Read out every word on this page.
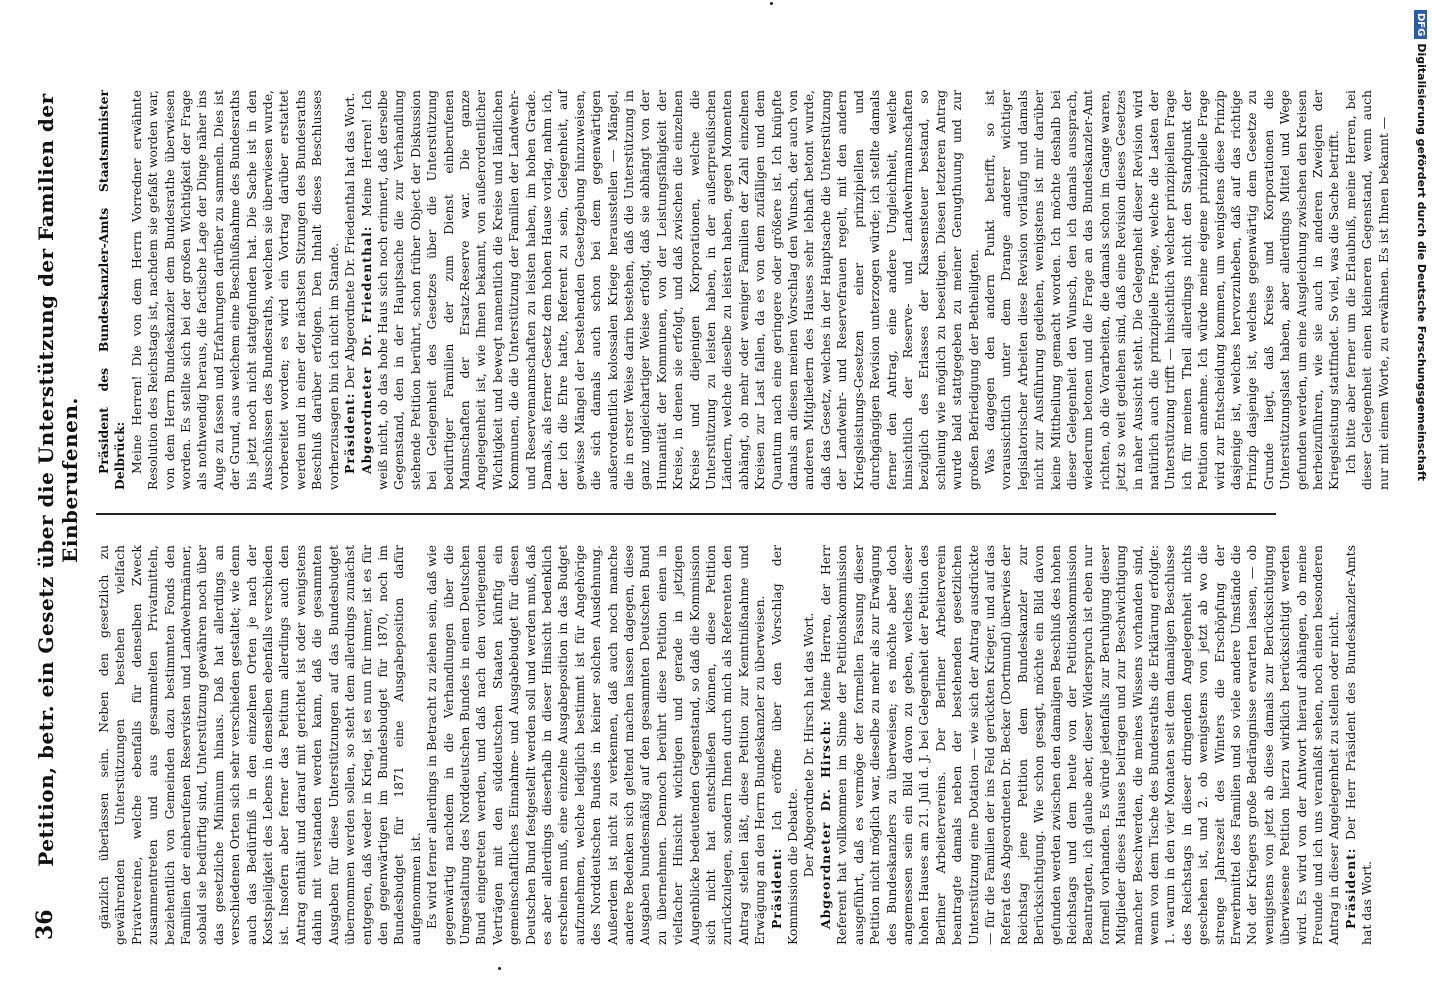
36
Petition, betr. ein Gesetz über die Unterstützung der Familien der Einberufenen.

gänzlich überlassen sein. Neben den gesetzlich zu gewährenden Unterstützungen bestehen vielfach Privatvereine, welche ebenfalls für denselben Zweck zusammentreten und aus gesammelten Privatmitteln, beziehentlich von Gemeinden dazu bestimmten Fonds den Familien der einberufenen Reservisten und Landwehrmänner, sobald sie bedürftig sind, Unterstützung gewähren noch über das gesetzliche Minimum hinaus. Daß hat allerdings an verschiedenen Orten sich sehr verschieden gestaltet; wie denn auch das Bedürfniß in den einzelnen Orten je nach der Kostspieligkeit des Lebens in denselben ebenfalls verschieden ist. Insofern aber ferner das Petitum allerdings auch den Antrag enthält und darauf mit gerichtet ist oder wenigstens dahin mit verstanden werden kann, daß die gesammten Ausgaben für diese Unterstützungen auf das Bundesbudget übernommen werden sollen, so steht dem allerdings zunächst entgegen, daß weder in Krieg, ist es nun für immer, ist es für den gegenwärtigen im Bundesbudget für 1870, noch im Bundesbudget für 1871 eine Ausgabeposition dafür aufgenommen ist. Es wird ferner allerdings in Betracht zu ziehen sein, daß wie gegenwärtig nachdem in die Verhandlungen über die Umgestaltung des Norddeutschen Bundes in einen Deutschen Bund eingetreten werden, und daß nach den vorliegenden Verträgen mit den süddeutschen Staaten künftig ein gemeinschaftliches Einnahme- und Ausgabebudget für diesen Deutschen Bund festgestellt werden soll und werden muß, daß es aber allerdings dieserhalb in dieser Hinsicht bedenklich erscheinen muß, eine einzelne Ausgabeposition in das Budget aufzunehmen, welche lediglich bestimmt ist für Angehörige des Norddeutschen Bundes in keiner solchen Ausdehnung. Außerdem ist nicht zu verkennen, daß auch noch manche andere Bedenken sich geltend machen lassen dagegen, diese Ausgaben bundesmäßig auf den gesammten Deutschen Bund zu übernehmen. Dennoch berührt diese Petition einen in vielfacher Hinsicht wichtigen und gerade in jetzigen Augenblicke bedeutenden Gegenstand, so daß die Kommission sich nicht hat entschließen können, diese Petition zurückzulegen, sondern Ihnen durch mich als Referenten den Antrag stellen läßt, diese Petition zur Kenntnißnahme und Erwägung an den Herrn Bundeskanzler zu überweisen. Präsident: Ich eröffne über den Vorschlag der Kommission die Debatte. Der Abgeordnete Dr. Hirsch hat das Wort. Abgeordneter Dr. Hirsch: Meine Herren, der Herr Referent hat vollkommen im Sinne der Petitionskommission ausgeführt, daß es vermöge der formellen Fassung dieser Petition nicht möglich war, dieselbe zu mehr als zur Erwägung des Bundeskanzlers zu überweisen; es möchte aber doch angemessen sein ein Bild davon zu geben, welches dieser hohen Hauses am 21. Juli d. J. bei Gelegenheit der Petition des Berliner Arbeitervereins. Der Berliner Arbeiterverein beantragte damals neben der bestehenden gesetzlichen Unterstützung eine Dotation — wie sich der Antrag ausdrückte — für die Familien der ins Feld gerückten Krieger, und auf das Referat des Abgeordneten Dr. Becker (Dortmund) überwies der Reichstag jene Petition dem Bundeskanzler zur Berücksichtigung. Wie schon gesagt, möchte ein Bild davon gefunden werden zwischen den damaligen Beschluß des hohen Reichstags und dem heute von der Petitionskommission Beantragten, ich glaube aber, dieser Widerspruch ist eben nur formell vorhanden. Es würde jedenfalls zur Beruhigung dieser Mitglieder dieses Hauses beitragen und zur Beschwichtigung mancher Beschwerden, die meines Wissens vorhanden sind, wenn von dem Tische des Bundesraths die Erklärung erfolgte: 1. warum in den vier Monaten seit dem damaligen Beschlusse des Reichstags in dieser dringenden Angelegenheit nichts geschehen ist, und 2. ob wenigstens von jetzt ab wo die strenge Jahreszeit des Winters die Erschöpfung der Erwerbmittel des Familien und so viele andere Umstände die Not der Kriegers große Bedrängnisse erwarten lassen, — ob wenigstens von jetzt ab diese damals zur Berücksichtigung überwiesene Petition hierzu wirklich berücksichtigt werden wird. Es wird von der Antwort hierauf abhängen, ob meine Freunde und ich uns veranlaßt sehen, noch einen besonderen Antrag in dieser Angelegenheit zu stellen oder nicht. Präsident: Der Herr Präsident des Bundeskanzler-Amts hat das Wort.

Präsident des Bundeskanzler-Amts Staatsminister Delbrück: Meine Herren! Die von dem Herrn Vorredner erwähnte Resolution des Reichstags ist, nachdem sie gefaßt worden war, von dem Herrn Bundeskanzler dem Bundesrathe überwiesen worden. Es stellte sich bei der großen Wichtigkeit der Frage als nothwendig heraus, die factische Lage der Dinge näher ins Auge zu fassen und Erfahrungen darüber zu sammeln. Dies ist der Grund, aus welchem eine Beschlußnahme des Bundesraths bis jetzt noch nicht stattgefunden hat. Die Sache ist in den Ausschüssen des Bundesraths, welchen sie überwiesen wurde, vorbereitet worden; es wird ein Vortrag darüber erstattet werden und in einer der nächsten Sitzungen des Bundesraths Beschluß darüber erfolgen. Den Inhalt dieses Beschlusses vorherzusagen bin ich nicht im Stande. Präsident: Der Abgeordnete Dr. Friedenthal hat das Wort. Abgeordneter Dr. Friedenthal: Meine Herren! Ich weiß nicht, ob das hohe Haus sich noch erinnert, daß derselbe Gegenstand, den in der Hauptsache die zur Verhandlung stehende Petition berührt, schon früher Object der Diskussion bei Gelegenheit des Gesetzes über die Unterstützung bedürftiger Familien der zum Dienst einberufenen Mannschaften der Ersatz-Reserve war. Die ganze Angelegenheit ist, wie Ihnen bekannt, von außerordentlicher Wichtigkeit und bewegt namentlich die Kreise und ländlichen Kommunen, die die Unterstützung der Familien der Landwehr- und Reservemannschaften zu leisten haben, im hohen Grade. Damals, als ferner Gesetz dem hohen Hause vorlag, nahm ich, der ich die Ehre hatte, Referent zu sein, Gelegenheit, auf gewisse Mängel der bestehenden Gesetzgebung hinzuweisen, die sich damals auch schon bei dem gegenwärtigen außerordentlich kolossalen Kriege herausstellen — Mängel, die in erster Weise darin bestehen, daß die Unterstützung in ganz ungleichartiger Weise erfolgt, daß sie abhängt von der Humanität der Kommunen, von der Leistungsfähigkeit der Kreise, in denen sie erfolgt, und daß zwischen die einzelnen Kreise und diejenigen Korporationen, welche die Unterstützung zu leisten haben, in der außerpreußischen Ländern, welche dieselbe zu leisten haben, gegen Momenten abhängt, ob mehr oder weniger Familien der Zahl einzelnen Kreisen zur Last fallen, da es von dem zufälligen und dem Quantum nach eine geringere oder größere ist. Ich knüpfte damals an diesen meinen Vorschlag den Wunsch, der auch von anderen Mitgliedern des Hauses sehr lebhaft betont wurde, daß das Gesetz, welches in der Hauptsache die Unterstützung der Landwehr- und Reservefrauen regelt, mit den andern Kriegsleistungs-Gesetzen einer prinzipiellen und durchgängigen Revision unterzogen würde; ich stellte damals ferner den Antrag, eine andere Ungleichheit, welche hinsichtlich der Reserve- und Landwehrmannschaften bezüglich des Erlasses der Klassensteuer bestand, so schleunig wie möglich zu beseitigen. Diesen letzteren Antrag wurde bald stattgegeben zu meiner Genugthuung und zur großen Befriedigung der Betheiligten. Was dagegen den andern Punkt betrifft, so ist voraussichtlich unter dem Drange anderer wichtiger legislatorischer Arbeiten diese Revision vorläufig und damals nicht zur Ausführung gediehen, wenigstens ist mir darüber keine Mittheilung gemacht worden. Ich möchte deshalb bei dieser Gelegenheit den Wunsch, den ich damals aussprach, wiederum betonen und die Frage an das Bundeskanzler-Amt richten, ob die Vorarbeiten, die damals schon im Gange waren, jetzt so weit gediehen sind, daß eine Revision dieses Gesetzes in naher Aussicht steht. Die Gelegenheit dieser Revision wird natürlich auch die prinzipielle Frage, welche die Lasten der Unterstützung trifft — hinsichtlich welcher prinzipiellen Frage ich für meinen Theil allerdings nicht den Standpunkt der Petition annehme. Ich würde meine eigene prinzipielle Frage wird zur Entscheidung kommen, um wenigstens diese Prinzip dasjenige ist, welches hervorzuheben, daß auf das richtige Prinzip dasjenige ist, welches gegenwärtig dem Gesetze zu Grunde liegt, daß Kreise und Korporationen die Unterstützungslast haben, aber allerdings Mittel und Wege gefunden werden, um eine Ausgleichung zwischen den Kreisen herbeizuführen, wie sie auch in anderen Zweigen der Kriegsleistung stattfindet. So viel, was die Sache betrifft. Ich bitte aber ferner um die Erlaubniß, meine Herren, bei dieser Gelegenheit einen kleineren Gegenstand, wenn auch nur mit einem Worte, zu erwähnen. Es ist Ihnen bekannt —

DFGDigitalisierung gefördert durch die Deutsche Forschungsgemeinschaft
